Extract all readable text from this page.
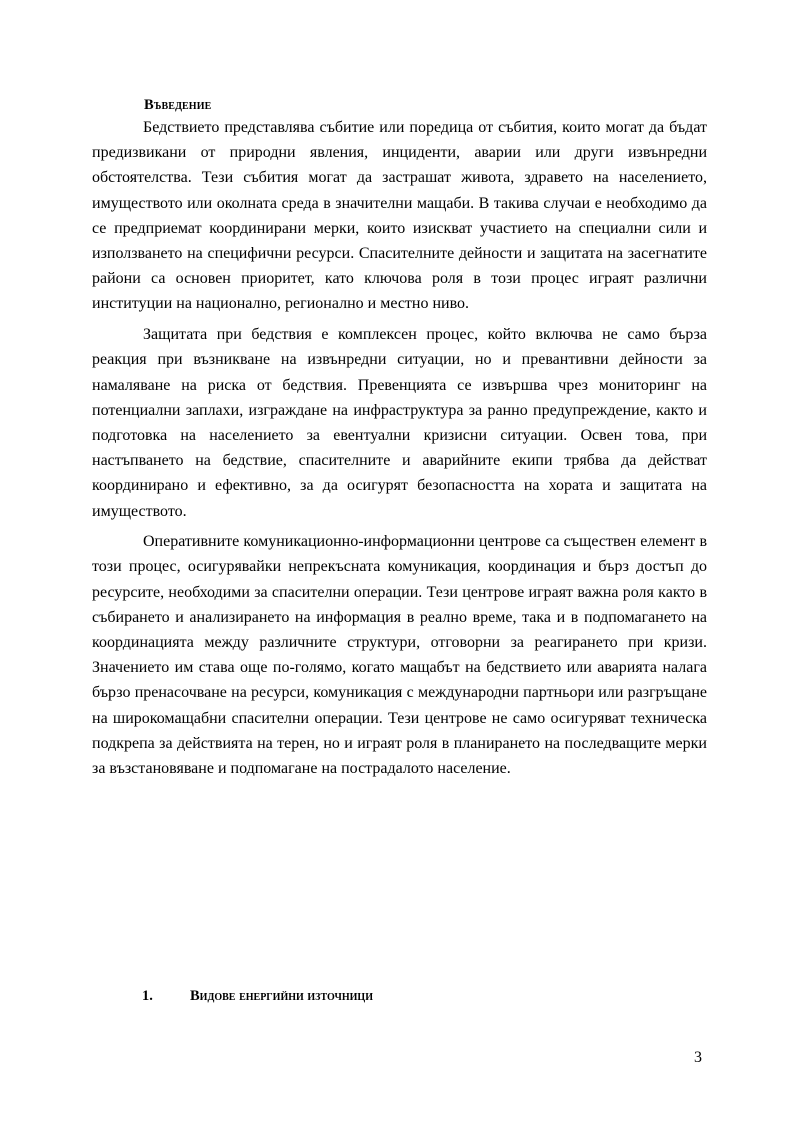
Въведение

Бедствието представлява събитие или поредица от събития, които могат да бъдат предизвикани от природни явления, инциденти, аварии или други извънредни обстоятелства. Тези събития могат да застрашат живота, здравето на населението, имуществото или околната среда в значителни мащаби. В такива случаи е необходимо да се предприемат координирани мерки, които изискват участието на специални сили и използването на специфични ресурси. Спасителните дейности и защитата на засегнатите райони са основен приоритет, като ключова роля в този процес играят различни институции на национално, регионално и местно ниво.

Защитата при бедствия е комплексен процес, който включва не само бърза реакция при възникване на извънредни ситуации, но и превантивни дейности за намаляване на риска от бедствия. Превенцията се извършва чрез мониторинг на потенциални заплахи, изграждане на инфраструктура за ранно предупреждение, както и подготовка на населението за евентуални кризисни ситуации. Освен това, при настъпването на бедствие, спасителните и аварийните екипи трябва да действат координирано и ефективно, за да осигурят безопасността на хората и защитата на имуществото.

Оперативните комуникационно-информационни центрове са съществен елемент в този процес, осигурявайки непрекъсната комуникация, координация и бърз достъп до ресурсите, необходими за спасителни операции. Тези центрове играят важна роля както в събирането и анализирането на информация в реално време, така и в подпомагането на координацията между различните структури, отговорни за реагирането при кризи. Значението им става още по-голямо, когато мащабът на бедствието или аварията налага бързо пренасочване на ресурси, комуникация с международни партньори или разгръщане на широкомащабни спасителни операции. Тези центрове не само осигуряват техническа подкрепа за действията на терен, но и играят роля в планирането на последващите мерки за възстановяване и подпомагане на пострадалото население.

1.	Видове енергийни източници
3
